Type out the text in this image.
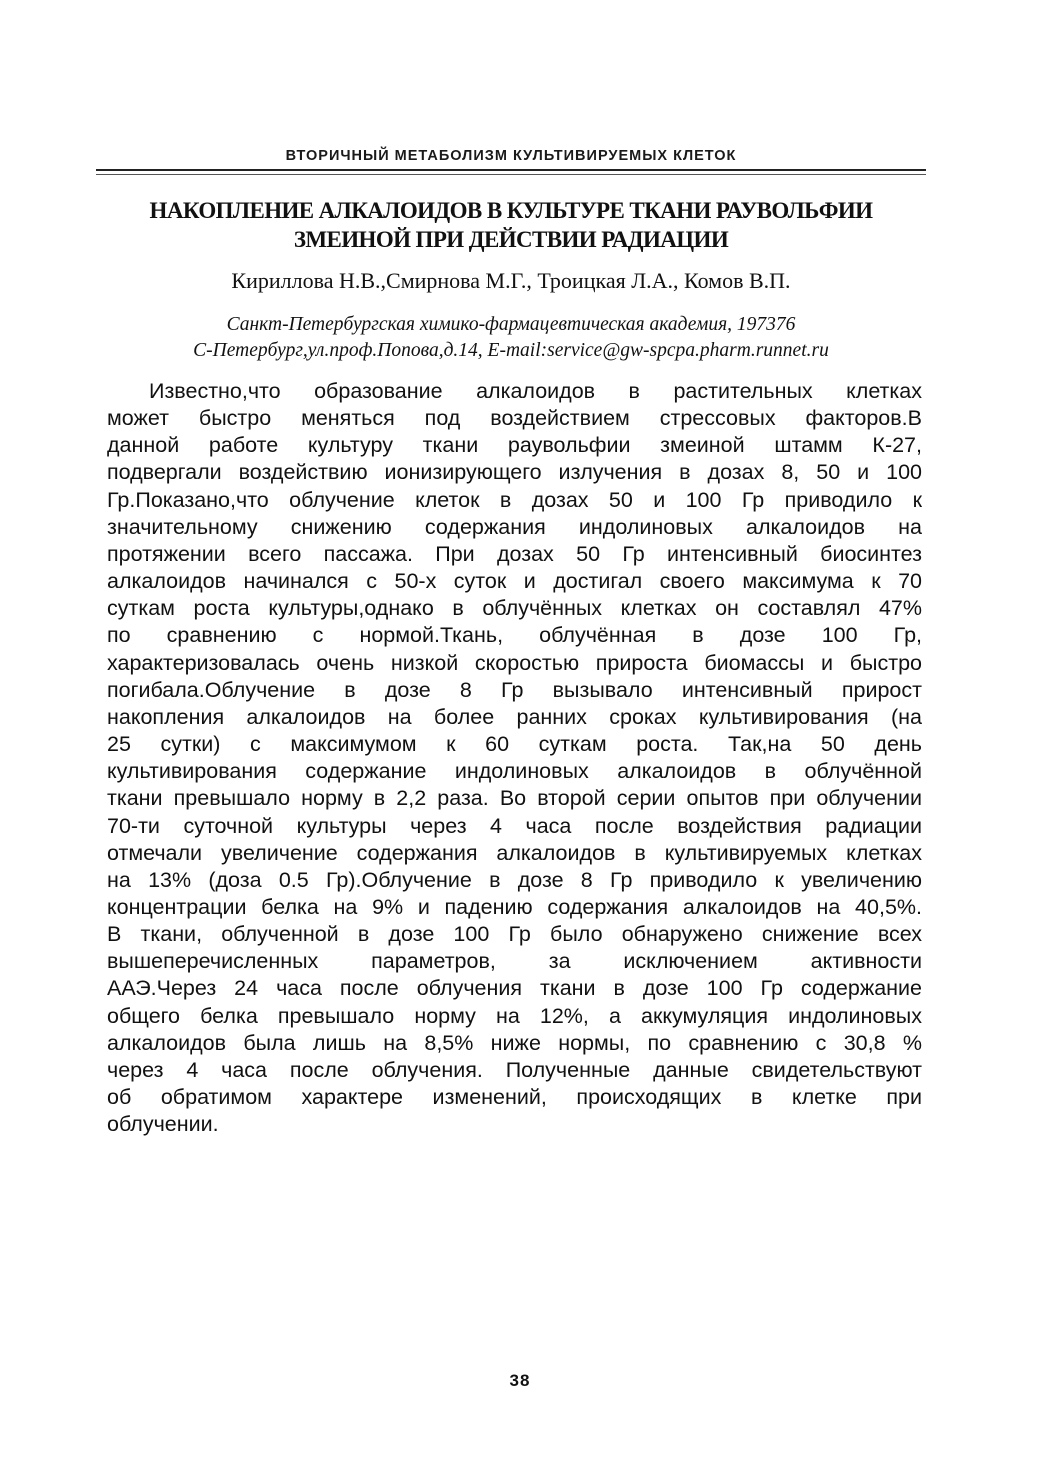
ВТОРИЧНЫЙ МЕТАБОЛИЗМ КУЛЬТИВИРУЕМЫХ КЛЕТОК
НАКОПЛЕНИЕ АЛКАЛОИДОВ В КУЛЬТУРЕ ТКАНИ РАУВОЛЬФИИ
ЗМЕИНОЙ ПРИ ДЕЙСТВИИ РАДИАЦИИ
Кириллова Н.В.,Смирнова М.Г., Троицкая Л.А., Комов В.П.
Санкт-Петербургская химико-фармацевтическая академия, 197376
С-Петербург,ул.проф.Попова,д.14, E-mail:service@gw-spcpa.pharm.runnet.ru
Известно,что образование алкалоидов в растительных клетках
может быстро меняться под воздействием стрессовых факторов.В
данной работе культуру ткани раувольфии змеиной штамм К-27,
подвергали воздействию ионизирующего излучения в дозах 8, 50 и 100
Гр.Показано,что облучение клеток в дозах 50 и 100 Гр приводило к
значительному снижению содержания индолиновых алкалоидов на
протяжении всего пассажа. При дозах 50 Гр интенсивный биосинтез
алкалоидов начинался с 50-х суток и достигал своего максимума к 70
суткам роста культуры,однако в облучённых клетках он составлял 47%
по сравнению с нормой.Ткань, облучённая в дозе 100 Гр,
характеризовалась очень низкой скоростью прироста биомассы и быстро
погибала.Облучение в дозе 8 Гр вызывало интенсивный прирост
накопления алкалоидов на более ранних сроках культивирования (на
25 сутки) с максимумом к 60 суткам роста. Так,на 50 день
культивирования содержание индолиновых алкалоидов в облучённой
ткани превышало норму в 2,2 раза. Во второй серии опытов при облучении
70-ти суточной культуры через 4 часа после воздействия радиации
отмечали увеличение содержания алкалоидов в культивируемых клетках
на 13% (доза 0.5 Гр).Облучение в дозе 8 Гр приводило к увеличению
концентрации белка на 9% и падению содержания алкалоидов на 40,5%.
В ткани, облученной в дозе 100 Гр было обнаружено снижение всех
вышеперечисленных параметров, за исключением активности
ААЭ.Через 24 часа после облучения ткани в дозе 100 Гр содержание
общего белка превышало норму на 12%, а аккумуляция индолиновых
алкалоидов была лишь на 8,5% ниже нормы, по сравнению с 30,8 %
через 4 часа после облучения. Полученные данные свидетельствуют
об обратимом характере изменений, происходящих в клетке при
облучении.
38
